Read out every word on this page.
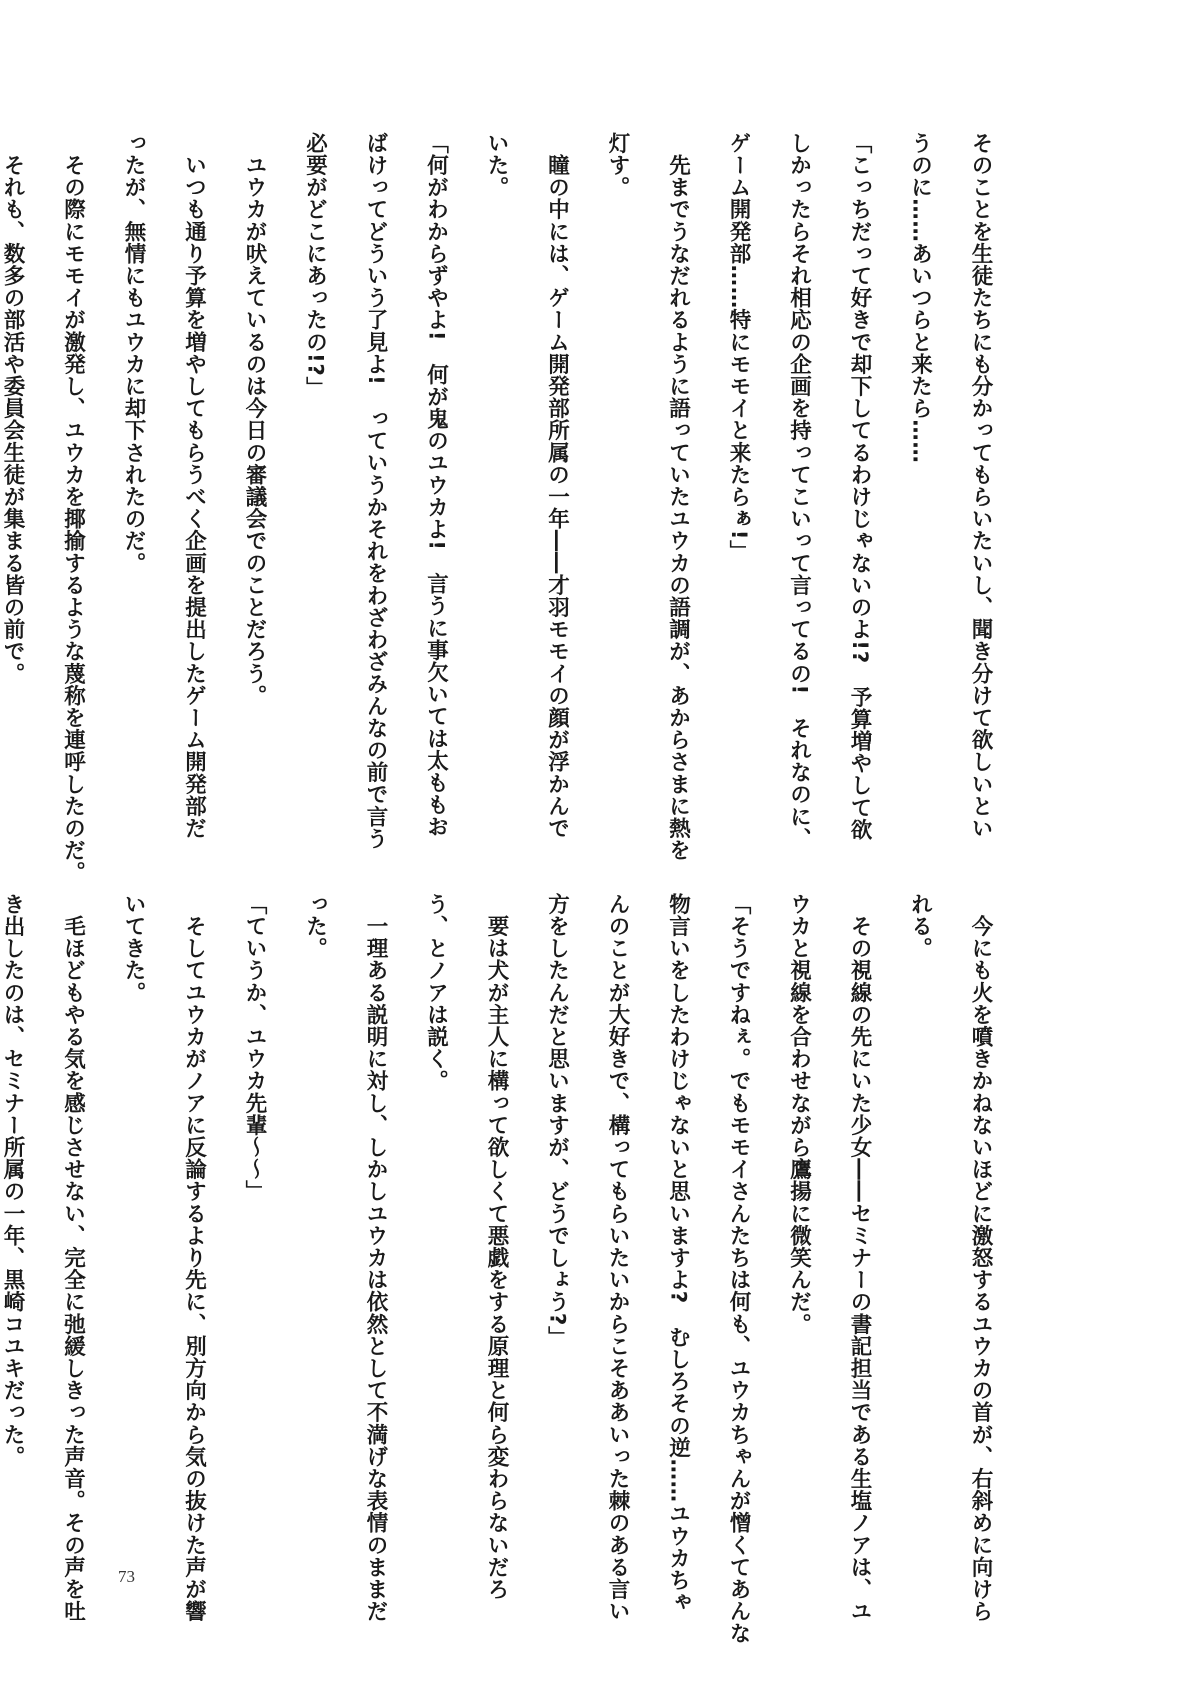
そのことを生徒たちにも分かってもらいたいし、聞き分けて欲しいとい
うのに……あいつらと来たら……
「こっちだって好きで却下してるわけじゃないのよ!?　予算増やして欲
しかったらそれ相応の企画を持ってこいって言ってるの!　それなのに、
ゲーム開発部……特にモモイと来たらぁ!」
　先までうなだれるように語っていたユウカの語調が、あからさまに熱を
灯す。
　瞳の中には、ゲーム開発部所属の一年――才羽モモイの顔が浮かんで
いた。
「何がわからずやよ!　何が鬼のユウカよ!　言うに事欠いては太ももお
ばけってどういう了見よ!　っていうかそれをわざわざみんなの前で言う
必要がどこにあったの!?」
　ユウカが吠えているのは今日の審議会でのことだろう。
　いつも通り予算を増やしてもらうべく企画を提出したゲーム開発部だ
ったが、無情にもユウカに却下されたのだ。
　その際にモモイが激発し、ユウカを揶揄するような蔑称を連呼したのだ。
　それも、数多の部活や委員会生徒が集まる皆の前で。

　今にも火を噴きかねないほどに激怒するユウカの首が、右斜めに向けら
れる。
　その視線の先にいた少女――セミナーの書記担当である生塩ノアは、ユ
ウカと視線を合わせながら鷹揚に微笑んだ。
「そうですねぇ。でもモモイさんたちは何も、ユウカちゃんが憎くてあんな
物言いをしたわけじゃないと思いますよ?　むしろその逆……ユウカちゃ
んのことが大好きで、構ってもらいたいからこそああいった棘のある言い
方をしたんだと思いますが、どうでしょう?」
　要は犬が主人に構って欲しくて悪戯をする原理と何ら変わらないだろ
う、とノアは説く。
　一理ある説明に対し、しかしユウカは依然として不満げな表情のままだ
った。
「ていうか、ユウカ先輩〜〜」
　そしてユウカがノアに反論するより先に、別方向から気の抜けた声が響
いてきた。
　毛ほどもやる気を感じさせない、完全に弛緩しきった声音。その声を吐
き出したのは、セミナー所属の一年、黒崎コユキだった。

73
